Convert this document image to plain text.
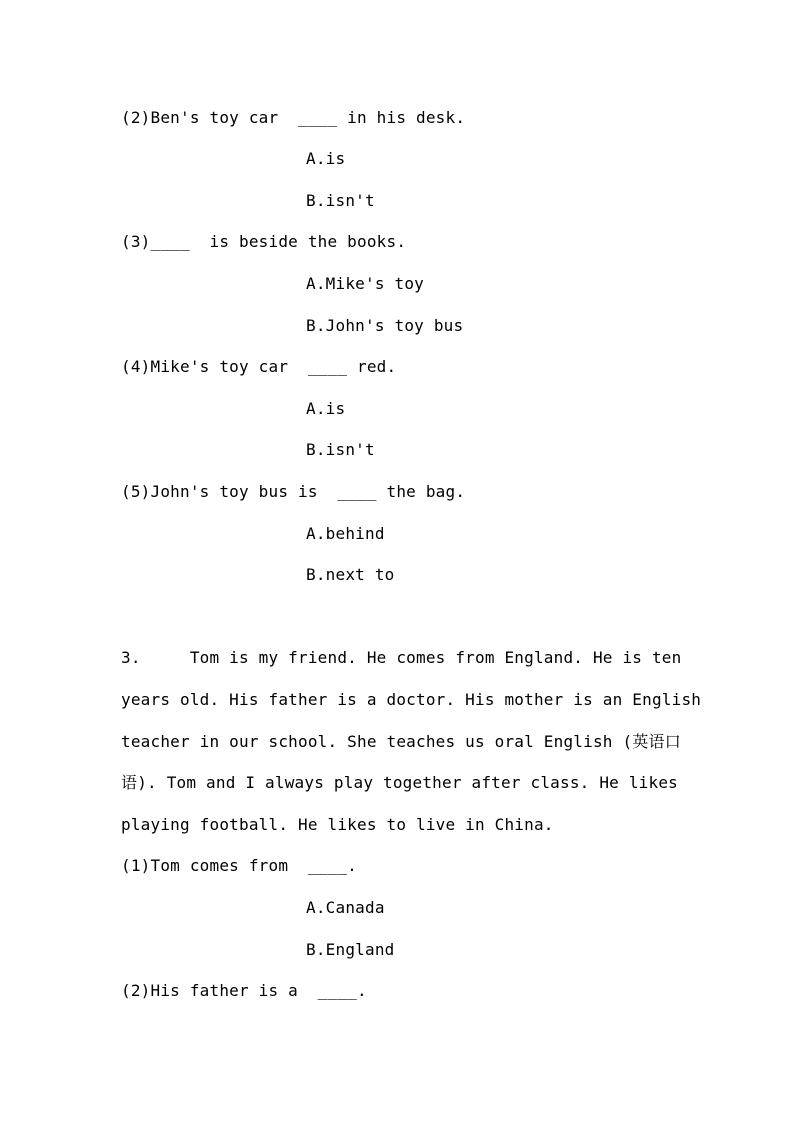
(2)Ben's toy car  ____ in his desk.
A.is
B.isn't
(3)____  is beside the books.
A.Mike's toy
B.John's toy bus
(4)Mike's toy car  ____ red.
A.is
B.isn't
(5)John's toy bus is  ____ the bag.
A.behind
B.next to
3.     Tom is my friend. He comes from England. He is ten
years old. His father is a doctor. His mother is an English
teacher in our school. She teaches us oral English (英语口
语). Tom and I always play together after class. He likes
playing football. He likes to live in China.
(1)Tom comes from  ____.
A.Canada
B.England
(2)His father is a  ____.
